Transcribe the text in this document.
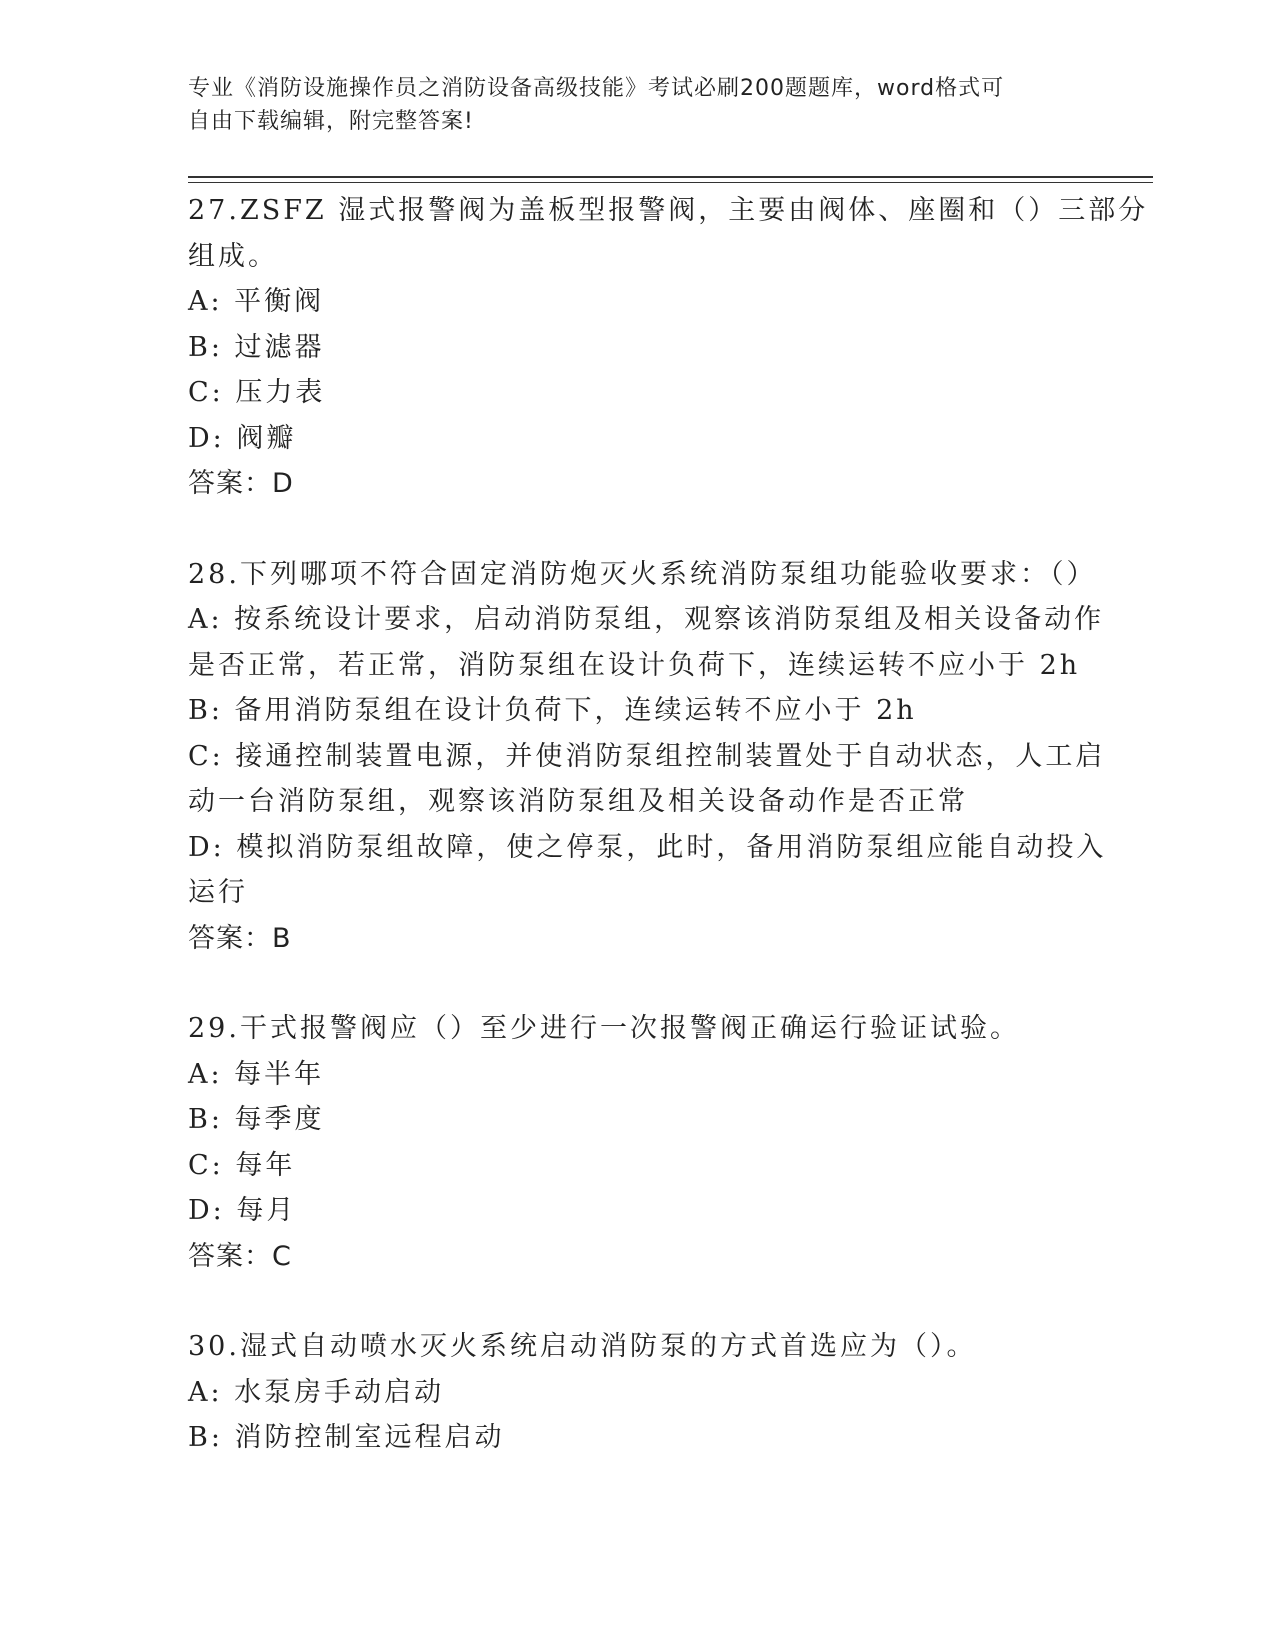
专业《消防设施操作员之消防设备高级技能》考试必刷200题题库，word格式可
自由下载编辑，附完整答案!
27.ZSFZ 湿式报警阀为盖板型报警阀，主要由阀体、座圈和（）三部分
组成。
A: 平衡阀
B: 过滤器
C: 压力表
D: 阀瓣
答案：D
28.下列哪项不符合固定消防炮灭火系统消防泵组功能验收要求：（）
A: 按系统设计要求，启动消防泵组，观察该消防泵组及相关设备动作
是否正常，若正常，消防泵组在设计负荷下，连续运转不应小于 2h
B: 备用消防泵组在设计负荷下，连续运转不应小于 2h
C: 接通控制装置电源，并使消防泵组控制装置处于自动状态，人工启
动一台消防泵组，观察该消防泵组及相关设备动作是否正常
D: 模拟消防泵组故障，使之停泵，此时，备用消防泵组应能自动投入
运行
答案：B
29.干式报警阀应（）至少进行一次报警阀正确运行验证试验。
A: 每半年
B: 每季度
C: 每年
D: 每月
答案：C
30.湿式自动喷水灭火系统启动消防泵的方式首选应为（）。
A: 水泵房手动启动
B: 消防控制室远程启动
